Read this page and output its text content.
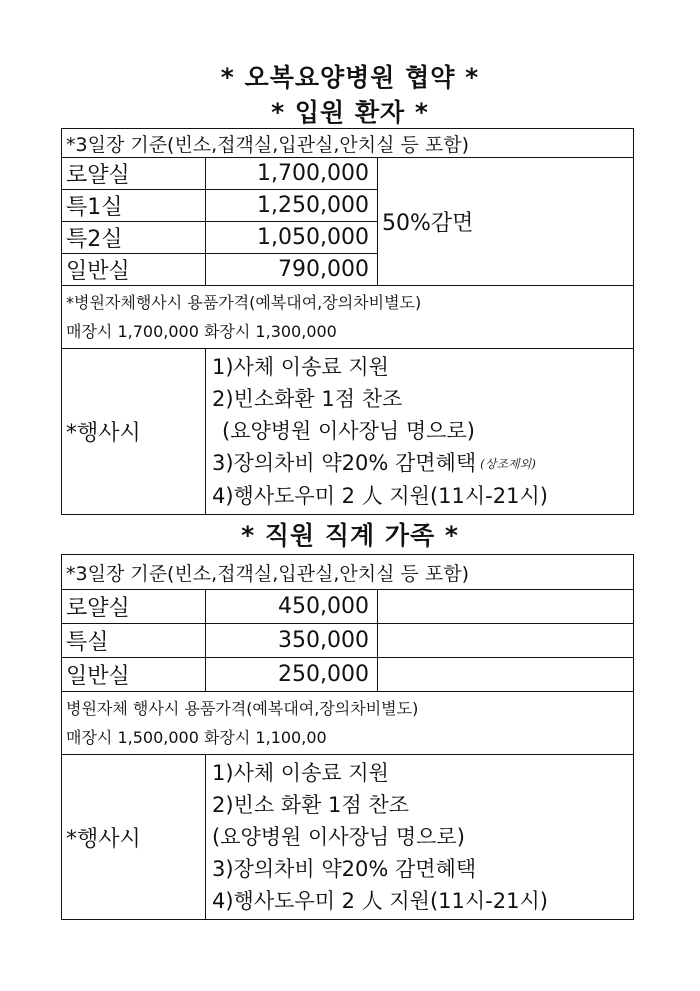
* 오복요양병원 협약 *
* 입원 환자 *
*3일장 기준(빈소,접객실,입관실,안치실 등 포함)		
로얄실	1,700,000	50%감면
특1실	1,250,000	
특2실	1,050,000	
일반실	790,000	

*병원자체행사시 용품가격(예복대여,장의차비별도)
매장시 1,700,000 화장시 1,300,000		

*행사시	1)사체 이송료 지원
2)빈소화환 1점 찬조
(요양병원 이사장님 명으로)
3)장의차비 약20% 감면혜택 (상조제외)
4)행사도우미 2 人 지원(11시-21시)	
* 직원 직계 가족 *
*3일장 기준(빈소,접객실,입관실,안치실 등 포함)		
로얄실	450,000	
특실	350,000	
일반실	250,000	

병원자체 행사시 용품가격(예복대여,장의차비별도)
매장시 1,500,000 화장시 1,100,00		

*행사시	1)사체 이송료 지원
2)빈소 화환 1점 찬조
(요양병원 이사장님 명으로)
3)장의차비 약20% 감면혜택
4)행사도우미 2 人 지원(11시-21시)	
